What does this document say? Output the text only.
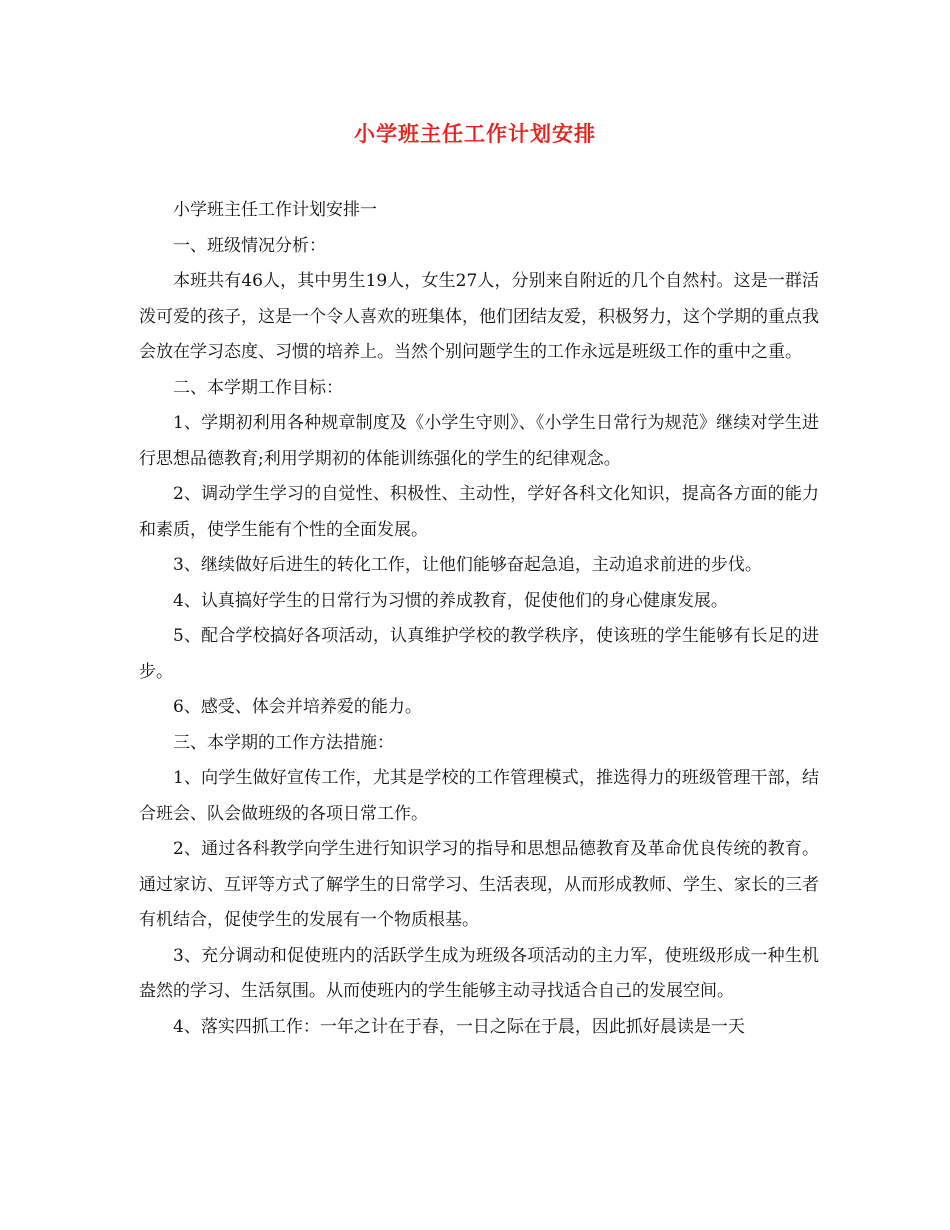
小学班主任工作计划安排

小学班主任工作计划安排一

一、班级情况分析：

本班共有46人，其中男生19人，女生27人，分别来自附近的几个自然村。这是一群活泼可爱的孩子，这是一个令人喜欢的班集体，他们团结友爱，积极努力，这个学期的重点我会放在学习态度、习惯的培养上。当然个别问题学生的工作永远是班级工作的重中之重。

二、本学期工作目标：

1、学期初利用各种规章制度及《小学生守则》、《小学生日常行为规范》继续对学生进行思想品德教育;利用学期初的体能训练强化的学生的纪律观念。

2、调动学生学习的自觉性、积极性、主动性，学好各科文化知识，提高各方面的能力和素质，使学生能有个性的全面发展。

3、继续做好后进生的转化工作，让他们能够奋起急追，主动追求前进的步伐。

4、认真搞好学生的日常行为习惯的养成教育，促使他们的身心健康发展。

5、配合学校搞好各项活动，认真维护学校的教学秩序，使该班的学生能够有长足的进步。

6、感受、体会并培养爱的能力。

三、本学期的工作方法措施：

1、向学生做好宣传工作，尤其是学校的工作管理模式，推选得力的班级管理干部，结合班会、队会做班级的各项日常工作。

2、通过各科教学向学生进行知识学习的指导和思想品德教育及革命优良传统的教育。通过家访、互评等方式了解学生的日常学习、生活表现，从而形成教师、学生、家长的三者有机结合，促使学生的发展有一个物质根基。

3、充分调动和促使班内的活跃学生成为班级各项活动的主力军，使班级形成一种生机盎然的学习、生活氛围。从而使班内的学生能够主动寻找适合自己的发展空间。

4、落实四抓工作：一年之计在于春，一日之际在于晨，因此抓好晨读是一天
